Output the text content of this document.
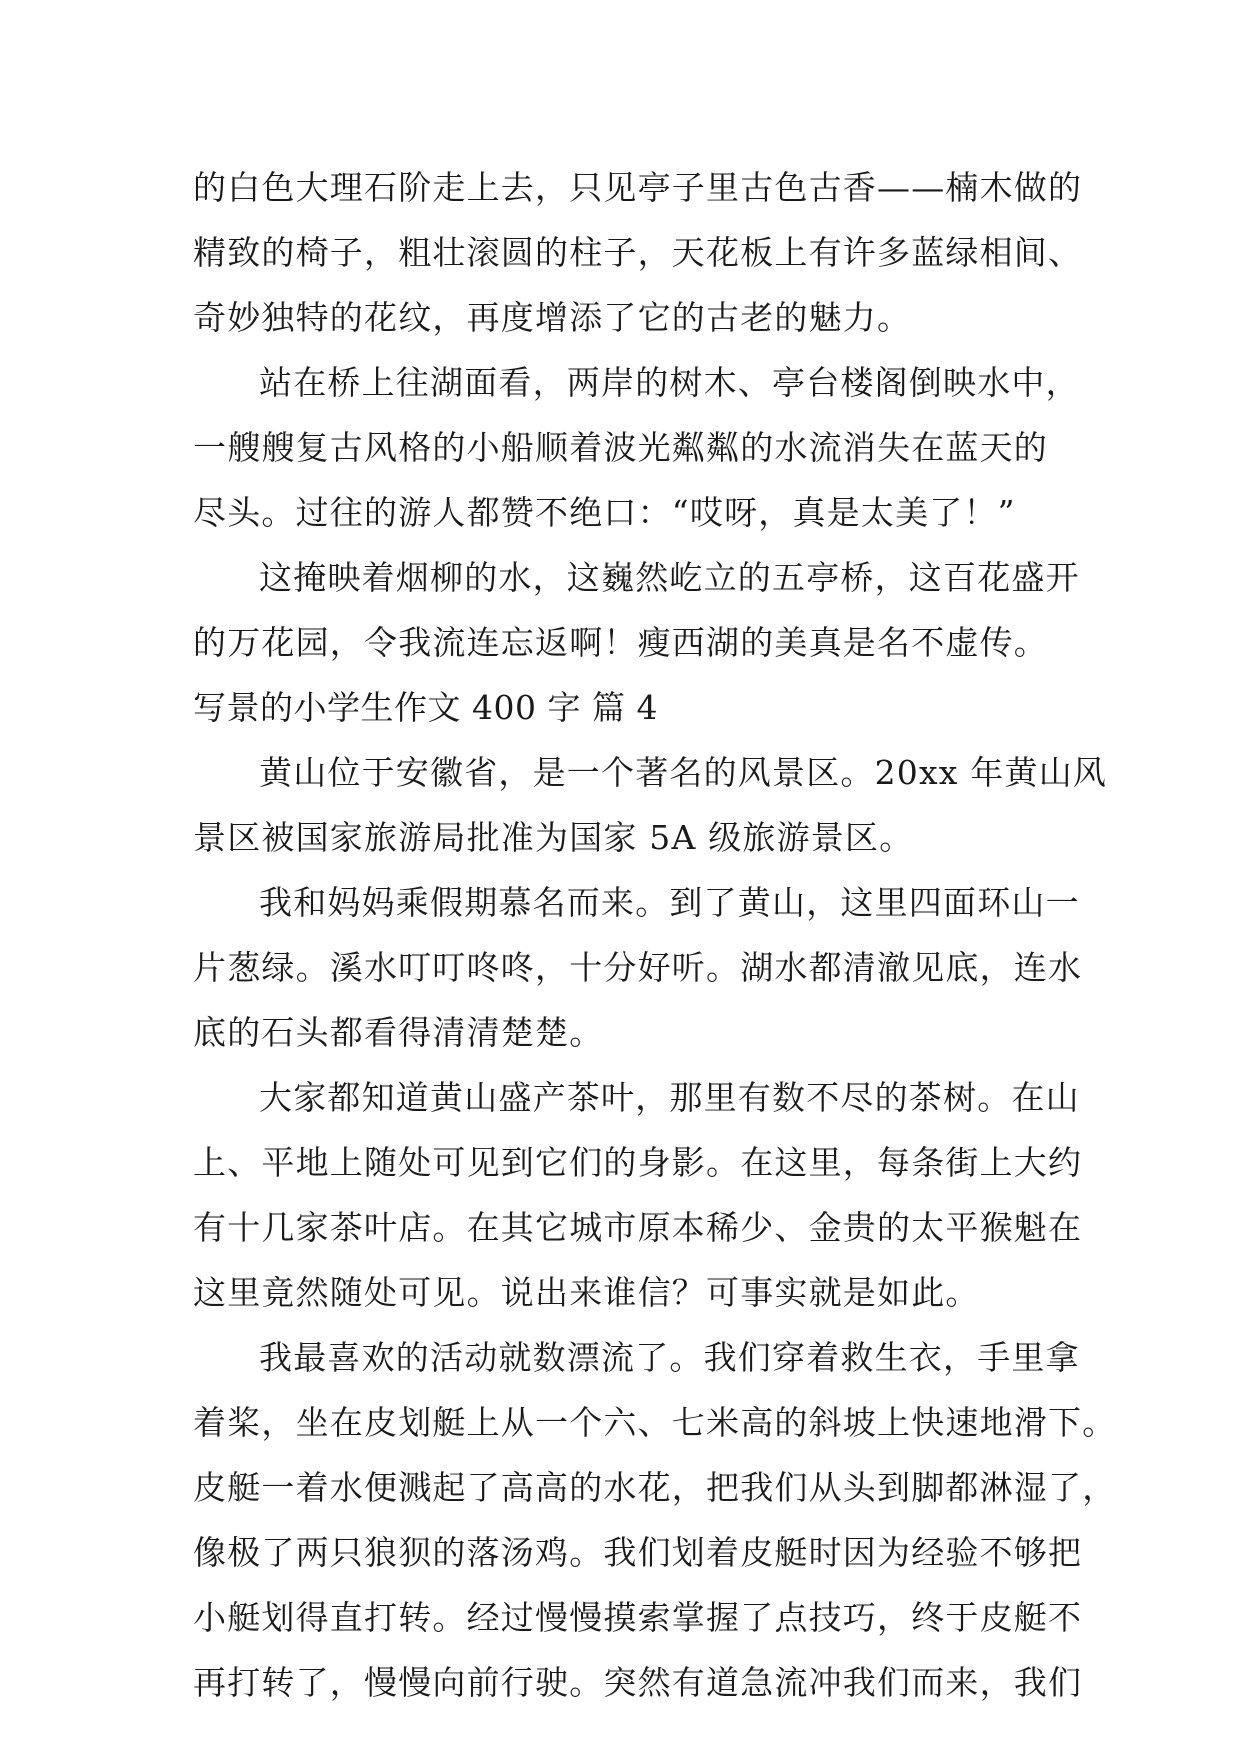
的白色大理石阶走上去，只见亭子里古色古香——楠木做的
精致的椅子，粗壮滚圆的柱子，天花板上有许多蓝绿相间、
奇妙独特的花纹，再度增添了它的古老的魅力。
站在桥上往湖面看，两岸的树木、亭台楼阁倒映水中，
一艘艘复古风格的小船顺着波光粼粼的水流消失在蓝天的
尽头。过往的游人都赞不绝口：“哎呀，真是太美了！”
这掩映着烟柳的水，这巍然屹立的五亭桥，这百花盛开
的万花园，令我流连忘返啊！瘦西湖的美真是名不虚传。
写景的小学生作文 400 字 篇 4
黄山位于安徽省，是一个著名的风景区。20xx 年黄山风
景区被国家旅游局批准为国家 5A 级旅游景区。
我和妈妈乘假期慕名而来。到了黄山，这里四面环山一
片葱绿。溪水叮叮咚咚，十分好听。湖水都清澈见底，连水
底的石头都看得清清楚楚。
大家都知道黄山盛产茶叶，那里有数不尽的茶树。在山
上、平地上随处可见到它们的身影。在这里，每条街上大约
有十几家茶叶店。在其它城市原本稀少、金贵的太平猴魁在
这里竟然随处可见。说出来谁信？可事实就是如此。
我最喜欢的活动就数漂流了。我们穿着救生衣，手里拿
着桨，坐在皮划艇上从一个六、七米高的斜坡上快速地滑下。
皮艇一着水便溅起了高高的水花，把我们从头到脚都淋湿了，
像极了两只狼狈的落汤鸡。我们划着皮艇时因为经验不够把
小艇划得直打转。经过慢慢摸索掌握了点技巧，终于皮艇不
再打转了，慢慢向前行驶。突然有道急流冲我们而来，我们
